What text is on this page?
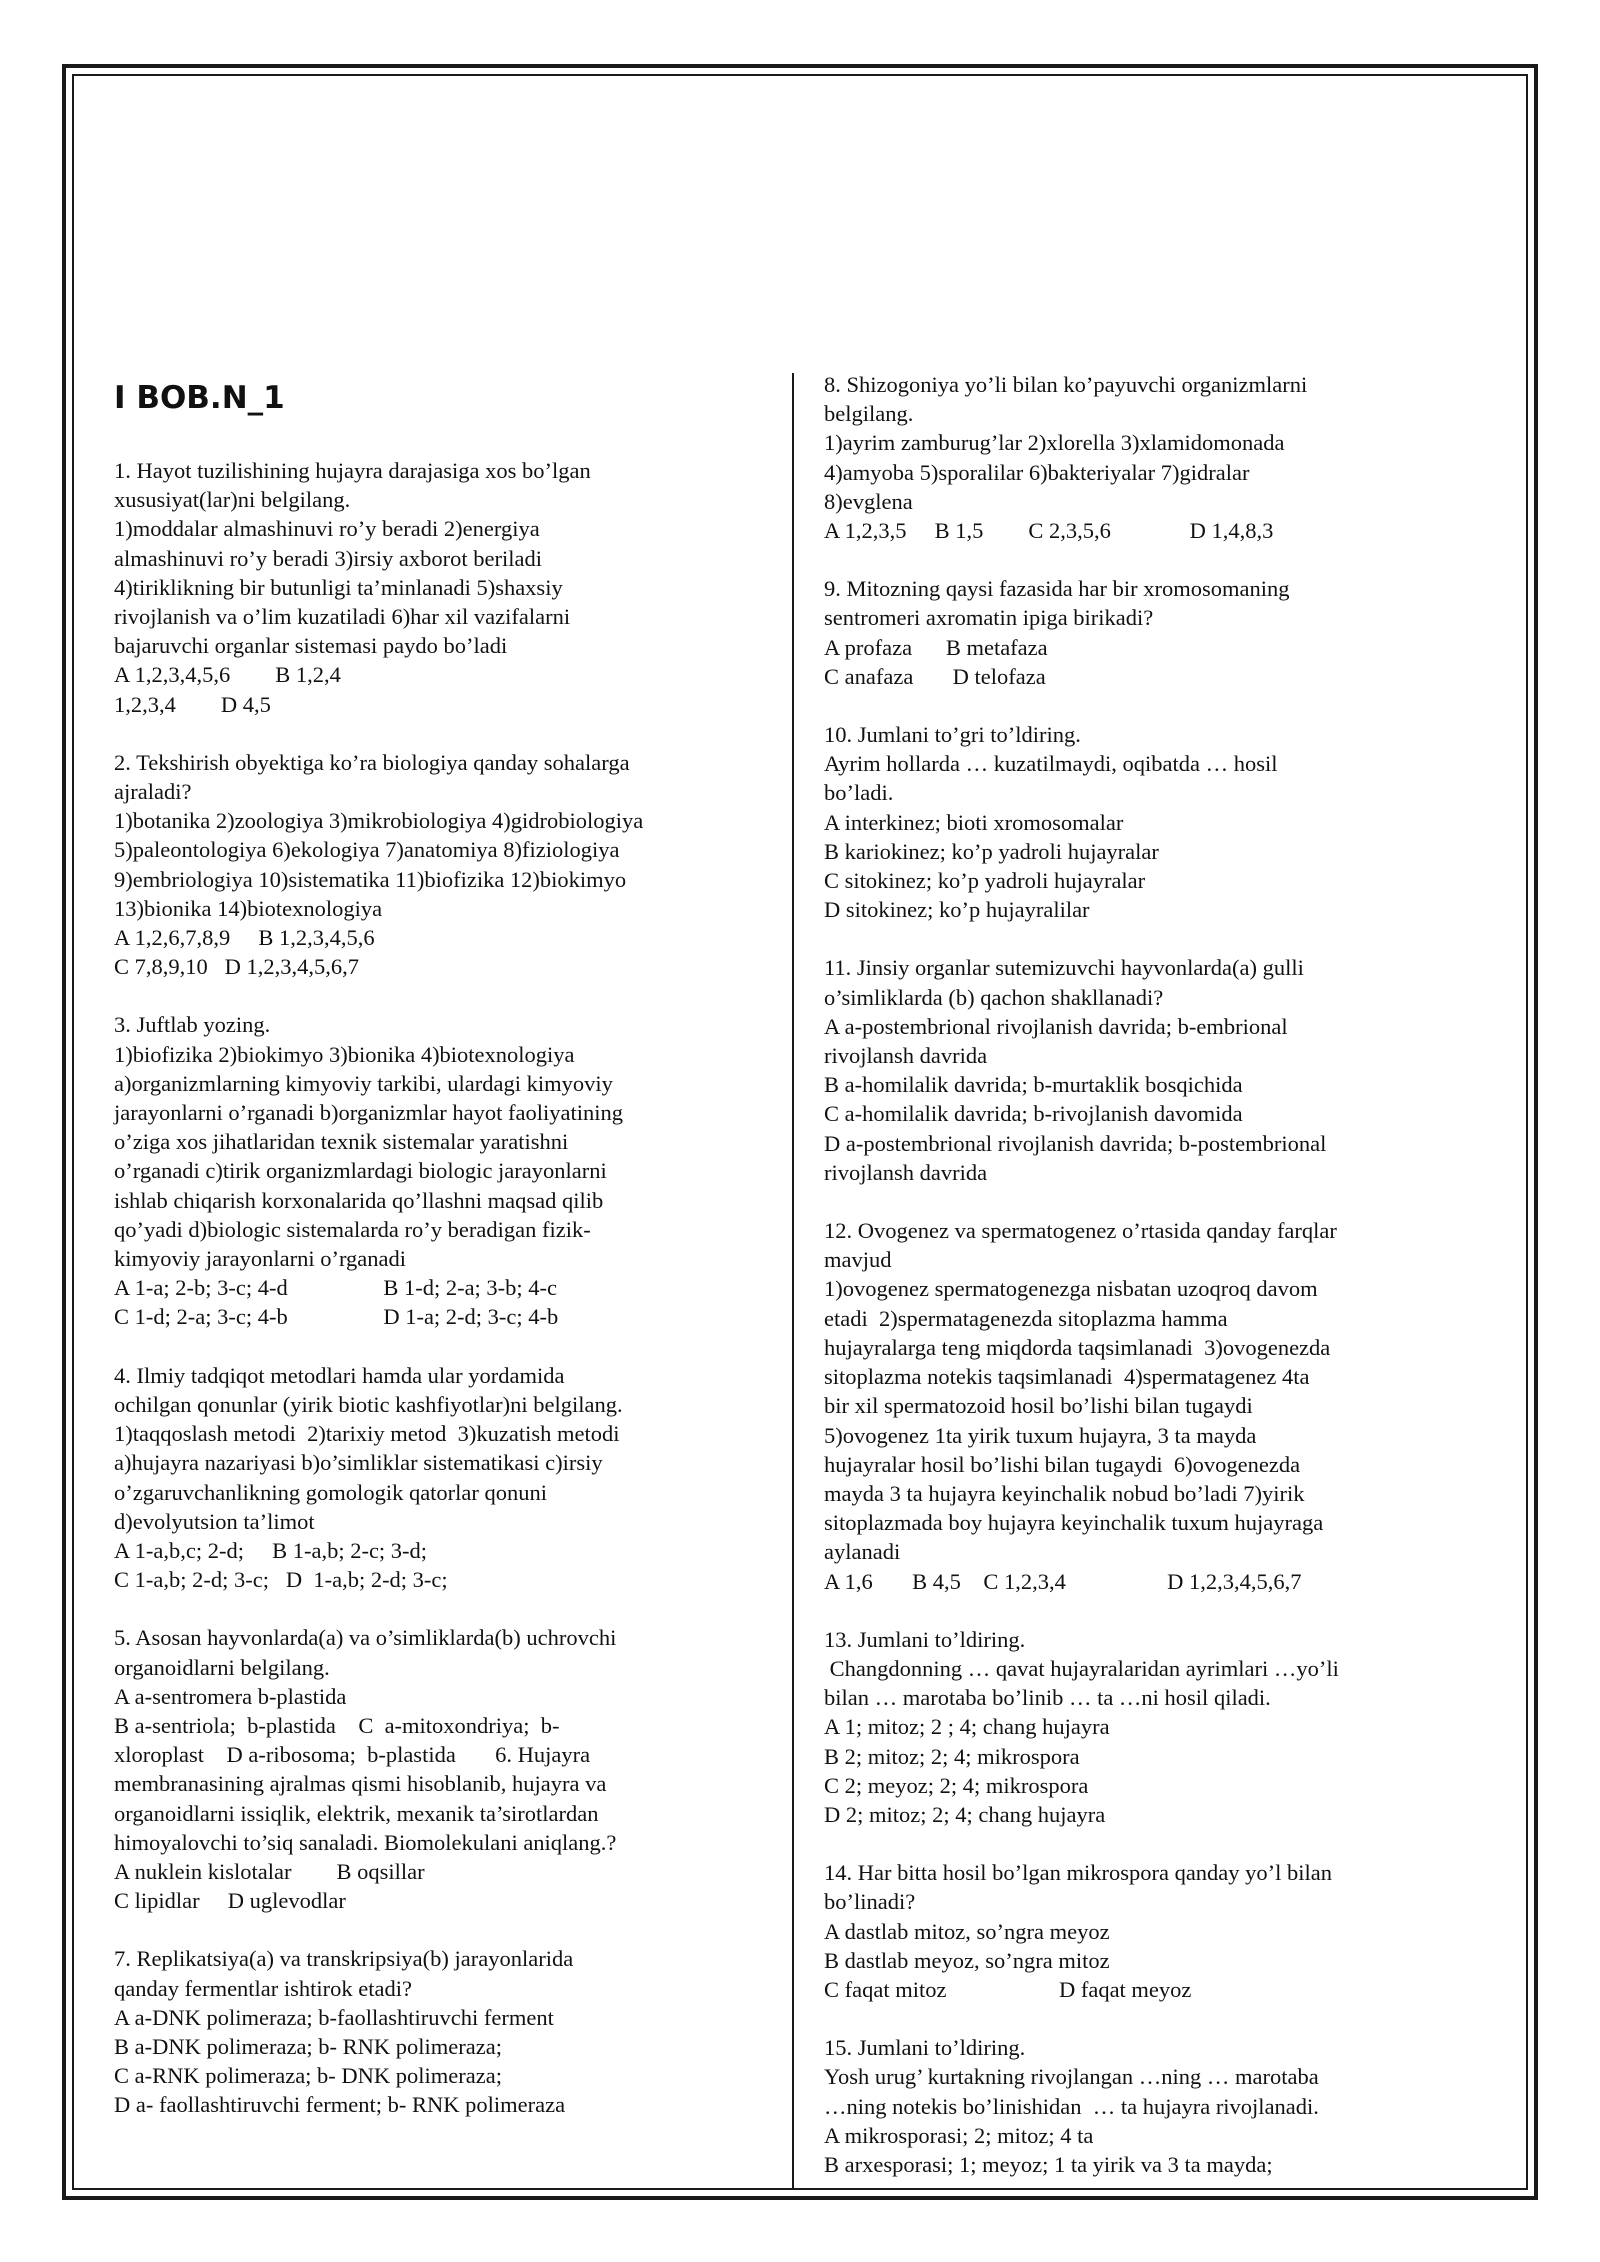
I BOB.N_1
1. Hayot tuzilishining hujayra darajasiga xos bo’lgan
xususiyat(lar)ni belgilang.
1)moddalar almashinuvi ro’y beradi 2)energiya
almashinuvi ro’y beradi 3)irsiy axborot beriladi
4)tiriklikning bir butunligi ta’minlanadi 5)shaxsiy
rivojlanish va o’lim kuzatiladi 6)har xil vazifalarni
bajaruvchi organlar sistemasi paydo bo’ladi
A 1,2,3,4,5,6        B 1,2,4
1,2,3,4        D 4,5
2. Tekshirish obyektiga ko’ra biologiya qanday sohalarga
ajraladi?
1)botanika 2)zoologiya 3)mikrobiologiya 4)gidrobiologiya
5)paleontologiya 6)ekologiya 7)anatomiya 8)fiziologiya
9)embriologiya 10)sistematika 11)biofizika 12)biokimyo
13)bionika 14)biotexnologiya
A 1,2,6,7,8,9     B 1,2,3,4,5,6
C 7,8,9,10   D 1,2,3,4,5,6,7
3. Juftlab yozing.
1)biofizika 2)biokimyo 3)bionika 4)biotexnologiya
a)organizmlarning kimyoviy tarkibi, ulardagi kimyoviy
jarayonlarni o’rganadi b)organizmlar hayot faoliyatining
o’ziga xos jihatlaridan texnik sistemalar yaratishni
o’rganadi c)tirik organizmlardagi biologic jarayonlarni
ishlab chiqarish korxonalarida qo’llashni maqsad qilib
qo’yadi d)biologic sistemalarda ro’y beradigan fizik-
kimyoviy jarayonlarni o’rganadi
A 1-a; 2-b; 3-c; 4-d                 B 1-d; 2-a; 3-b; 4-c
C 1-d; 2-a; 3-c; 4-b                 D 1-a; 2-d; 3-c; 4-b
4. Ilmiy tadqiqot metodlari hamda ular yordamida
ochilgan qonunlar (yirik biotic kashfiyotlar)ni belgilang.
1)taqqoslash metodi  2)tarixiy metod  3)kuzatish metodi
a)hujayra nazariyasi b)o’simliklar sistematikasi c)irsiy
o’zgaruvchanlikning gomologik qatorlar qonuni
d)evolyutsion ta’limot
A 1-a,b,c; 2-d;     B 1-a,b; 2-c; 3-d;
C 1-a,b; 2-d; 3-c;   D  1-a,b; 2-d; 3-c;
5. Asosan hayvonlarda(a) va o’simliklarda(b) uchrovchi
organoidlarni belgilang.
A a-sentromera b-plastida
B a-sentriola;  b-plastida    C  a-mitoxondriya;  b-
xloroplast    D a-ribosoma;  b-plastida       6. Hujayra
membranasining ajralmas qismi hisoblanib, hujayra va
organoidlarni issiqlik, elektrik, mexanik ta’sirotlardan
himoyalovchi to’siq sanaladi. Biomolekulani aniqlang.?
A nuklein kislotalar        B oqsillar
C lipidlar     D uglevodlar
7. Replikatsiya(a) va transkripsiya(b) jarayonlarida
qanday fermentlar ishtirok etadi?
A a-DNK polimeraza; b-faollashtiruvchi ferment
B a-DNK polimeraza; b- RNK polimeraza;
C a-RNK polimeraza; b- DNK polimeraza;
D a- faollashtiruvchi ferment; b- RNK polimeraza
8. Shizogoniya yo’li bilan ko’payuvchi organizmlarni
belgilang.
1)ayrim zamburug’lar 2)xlorella 3)xlamidomonada
4)amyoba 5)sporalilar 6)bakteriyalar 7)gidralar
8)evglena
A 1,2,3,5     B 1,5        C 2,3,5,6              D 1,4,8,3
9. Mitozning qaysi fazasida har bir xromosomaning
sentromeri axromatin ipiga birikadi?
A profaza      B metafaza
C anafaza       D telofaza
10. Jumlani to’gri to’ldiring.
Ayrim hollarda … kuzatilmaydi, oqibatda … hosil
bo’ladi.
A interkinez; bioti xromosomalar
B kariokinez; ko’p yadroli hujayralar
C sitokinez; ko’p yadroli hujayralar
D sitokinez; ko’p hujayralilar
11. Jinsiy organlar sutemizuvchi hayvonlarda(a) gulli
o’simliklarda (b) qachon shakllanadi?
A a-postembrional rivojlanish davrida; b-embrional
rivojlansh davrida
B a-homilalik davrida; b-murtaklik bosqichida
C a-homilalik davrida; b-rivojlanish davomida
D a-postembrional rivojlanish davrida; b-postembrional
rivojlansh davrida
12. Ovogenez va spermatogenez o’rtasida qanday farqlar
mavjud
1)ovogenez spermatogenezga nisbatan uzoqroq davom
etadi  2)spermatagenezda sitoplazma hamma
hujayralarga teng miqdorda taqsimlanadi  3)ovogenezda
sitoplazma notekis taqsimlanadi  4)spermatagenez 4ta
bir xil spermatozoid hosil bo’lishi bilan tugaydi
5)ovogenez 1ta yirik tuxum hujayra, 3 ta mayda
hujayralar hosil bo’lishi bilan tugaydi  6)ovogenezda
mayda 3 ta hujayra keyinchalik nobud bo’ladi 7)yirik
sitoplazmada boy hujayra keyinchalik tuxum hujayraga
aylanadi
A 1,6       B 4,5    C 1,2,3,4                  D 1,2,3,4,5,6,7
13. Jumlani to’ldiring.
Changdonning … qavat hujayralaridan ayrimlari …yo’li
bilan … marotaba bo’linib … ta …ni hosil qiladi.
A 1; mitoz; 2 ; 4; chang hujayra
B 2; mitoz; 2; 4; mikrospora
C 2; meyoz; 2; 4; mikrospora
D 2; mitoz; 2; 4; chang hujayra
14. Har bitta hosil bo’lgan mikrospora qanday yo’l bilan
bo’linadi?
A dastlab mitoz, so’ngra meyoz
B dastlab meyoz, so’ngra mitoz
C faqat mitoz                    D faqat meyoz
15. Jumlani to’ldiring.
Yosh urug’ kurtakning rivojlangan …ning … marotaba
…ning notekis bo’linishidan  … ta hujayra rivojlanadi.
A mikrosporasi; 2; mitoz; 4 ta
B arxesporasi; 1; meyoz; 1 ta yirik va 3 ta mayda;
